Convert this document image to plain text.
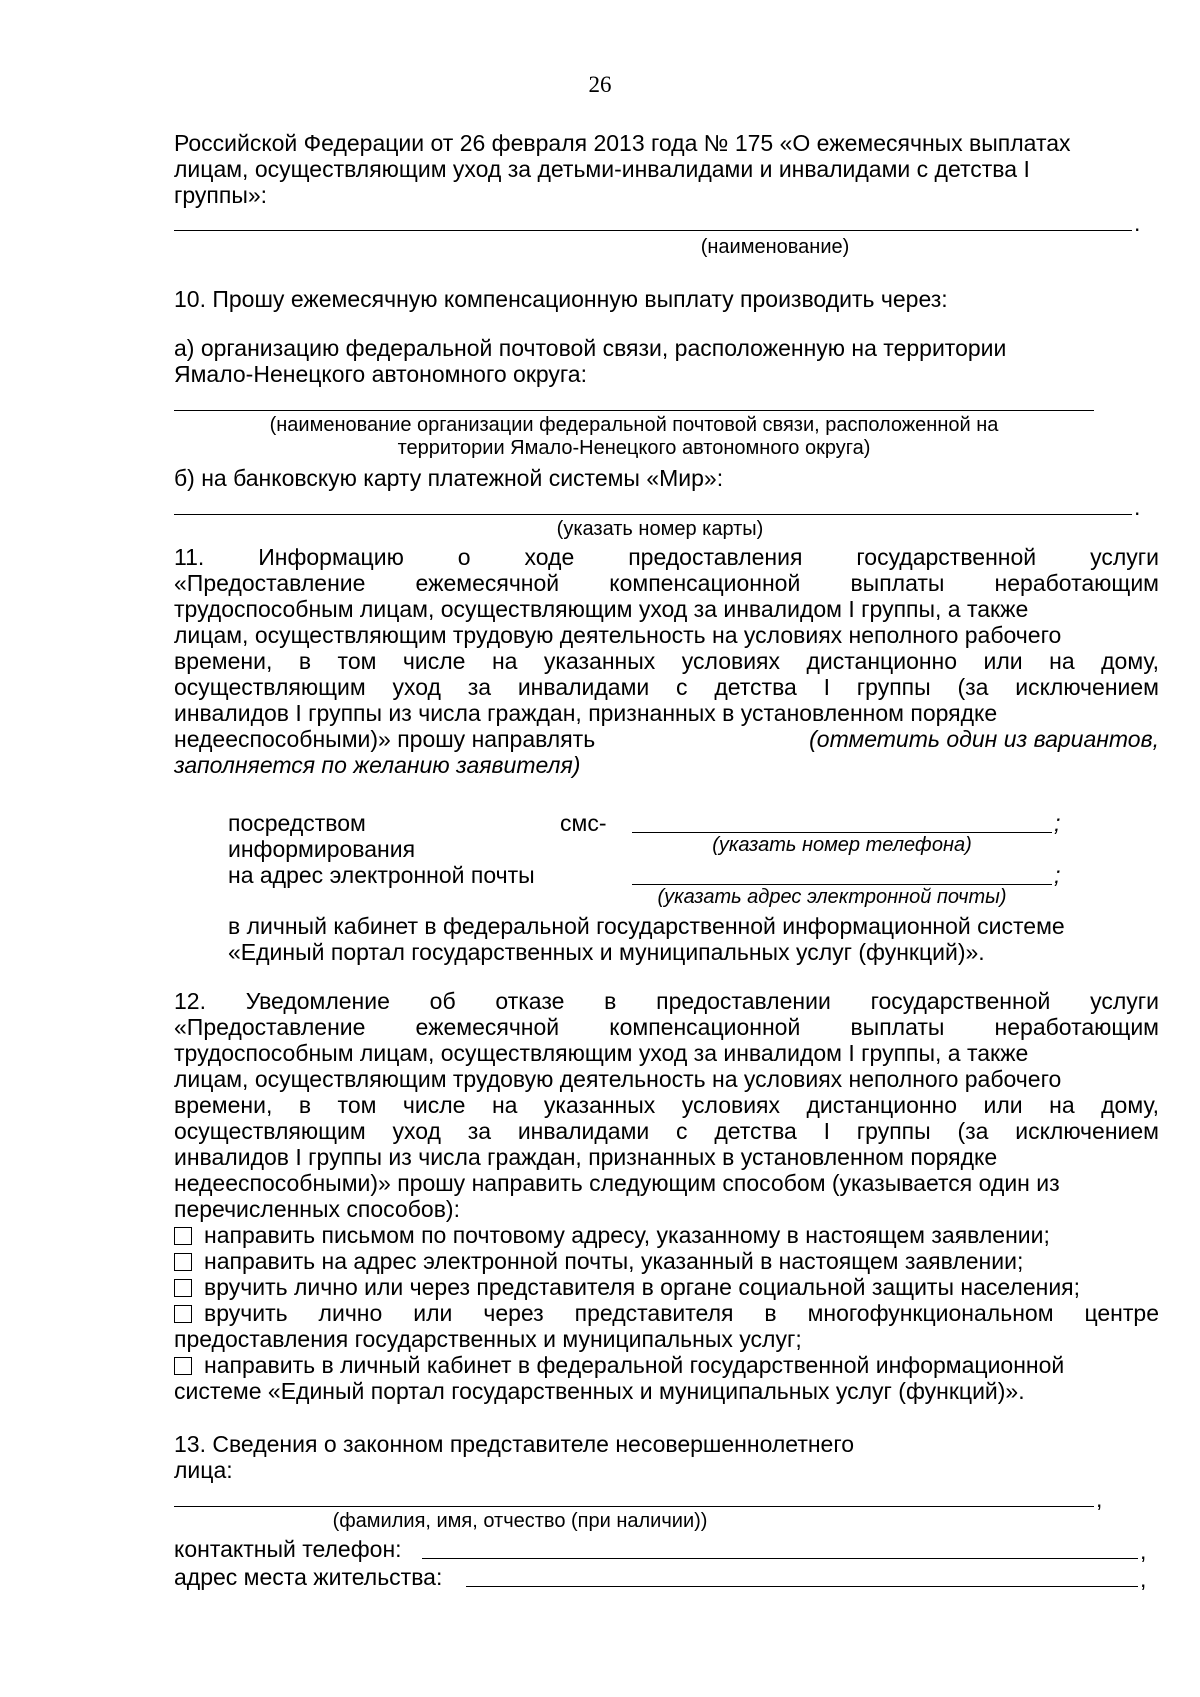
26
Российской Федерации от 26 февраля 2013 года № 175 «О ежемесячных выплатах
лицам, осуществляющим уход за детьми-инвалидами и инвалидами с детства I
группы»:
.
(наименование)
10. Прошу ежемесячную компенсационную выплату производить через:
а) организацию федеральной почтовой связи, расположенную на территории
Ямало-Ненецкого автономного округа:
(наименование организации федеральной почтовой связи, расположенной на
территории Ямало-Ненецкого автономного округа)
б) на банковскую карту платежной системы «Мир»:
.
(указать номер карты)
11. Информацию о ходе предоставления государственной услуги
«Предоставление ежемесячной компенсационной выплаты неработающим
трудоспособным лицам, осуществляющим уход за инвалидом I группы, а также
лицам, осуществляющим трудовую деятельность на условиях неполного рабочего
времени, в том числе на указанных условиях дистанционно или на дому,
осуществляющим уход за инвалидами с детства I группы (за исключением
инвалидов I группы из числа граждан, признанных в установленном порядке
недееспособными)» прошу направлять	(отметить один из вариантов,
заполняется по желанию заявителя)
посредством	смс-
информирования
;
(указать номер телефона)
на адрес электронной почты	;
(указать адрес электронной почты)
в личный кабинет в федеральной государственной информационной системе
«Единый портал государственных и муниципальных услуг (функций)».
12. Уведомление об отказе в предоставлении государственной услуги
«Предоставление ежемесячной компенсационной выплаты неработающим
трудоспособным лицам, осуществляющим уход за инвалидом I группы, а также
лицам, осуществляющим трудовую деятельность на условиях неполного рабочего
времени, в том числе на указанных условиях дистанционно или на дому,
осуществляющим уход за инвалидами с детства I группы (за исключением
инвалидов I группы из числа граждан, признанных в установленном порядке
недееспособными)» прошу направить следующим способом (указывается один из
перечисленных способов):
направить письмом по почтовому адресу, указанному в настоящем заявлении;
направить на адрес электронной почты, указанный в настоящем заявлении;
вручить лично или через представителя в органе социальной защиты населения;
вручить лично или через представителя в многофункциональном центре
предоставления государственных и муниципальных услуг;
направить в личный кабинет в федеральной государственной информационной
системе «Единый портал государственных и муниципальных услуг (функций)».
13. Сведения о законном представителе несовершеннолетнего
лица:
,
(фамилия, имя, отчество (при наличии))
контактный телефон:	,
адрес места жительства:	,
